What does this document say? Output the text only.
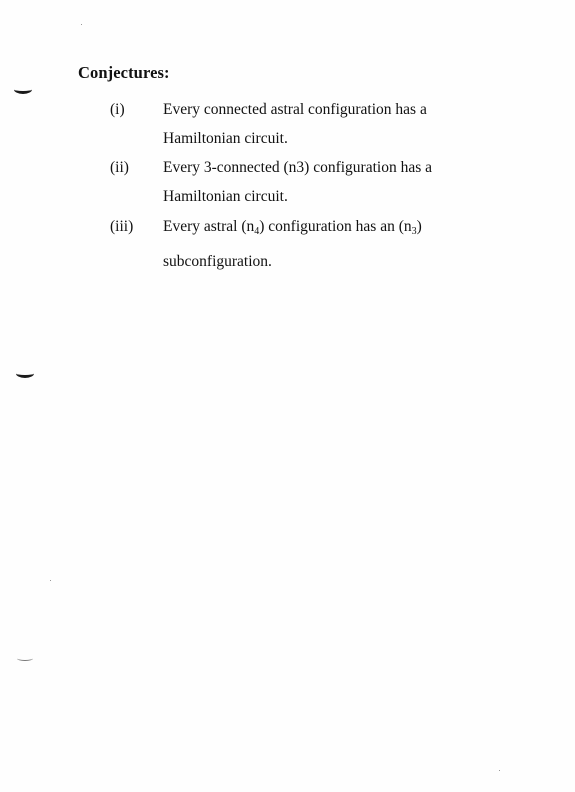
Conjectures:
(i) Every connected astral configuration has a
Hamiltonian circuit.
(ii) Every 3-connected (n3) configuration has a
Hamiltonian circuit.
(iii) Every astral $(n_4)$ configuration has an $(n_3)$
subconfiguration.
